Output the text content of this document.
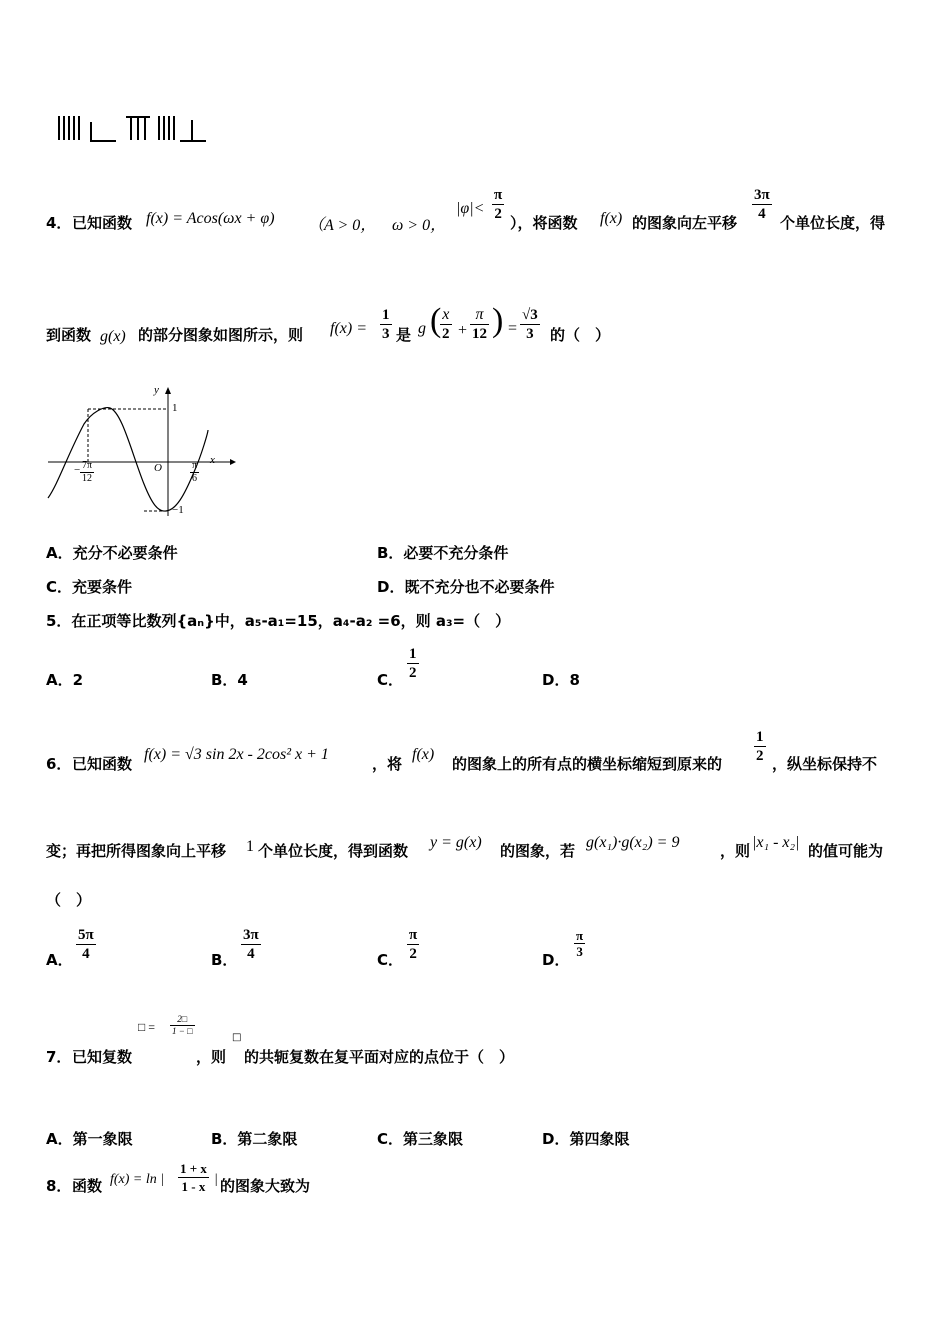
4． 已知函数 f(x) = Acos(ωx + φ) （A > 0， ω > 0，
$|\varphi|< \frac{\pi}{2}$ ），将函数 f(x) 的图象向左平移 $\frac{3\pi}{4}$ 个单位长度，得
到函数 g(x) 的部分图象如图所示，则 $f(x) = \frac{1}{3}$ 是 g (
$\frac{x}{2} + \frac{\pi}{12}$ ) = $\frac{√3}{3}$ 的（　）
y
x
O
1
−1
− $\frac{7\pi}{12}$	$\frac{\pi}{6}$
A．充分不必要条件	B．必要不充分条件
C．充要条件	D．既不充分也不必要条件
5．在正项等比数列{aₙ}中，a₅-a₁=15，a₄-a₂ =6，则 a₃=（　）
A．2	B．4	C． $\frac{1}{2}$	D．8
6． 已知函数
f(x) = √3 sin 2x - 2cos² x + 1
，将
f(x)
的图象上的所有点的横坐标缩短到原来的 $\frac{1}{2}$ ，纵坐标保持不
变；再把所得图象向上平移 1 个单位长度，得到函数 y = g(x) 的图象，若 g(x₁)·g(x₂) = 9	，则 |x₁ - x₂| 的值可能为
（　）
A． $\frac{5\pi}{4}$	B． $\frac{3\pi}{4}$	C． $\frac{\pi}{2}$	D．
$\frac{\pi}{3}$
□ = $\frac{2□}{1 - □}$
7． 已知复数	，则
□
的共轭复数在复平面对应的点位于（　）
A．第一象限	B．第二象限	C．第三象限	D．第四象限
8． 函数 f(x) = ln | $\frac{1 + x}{1 - x}$ | 的图象大致为
